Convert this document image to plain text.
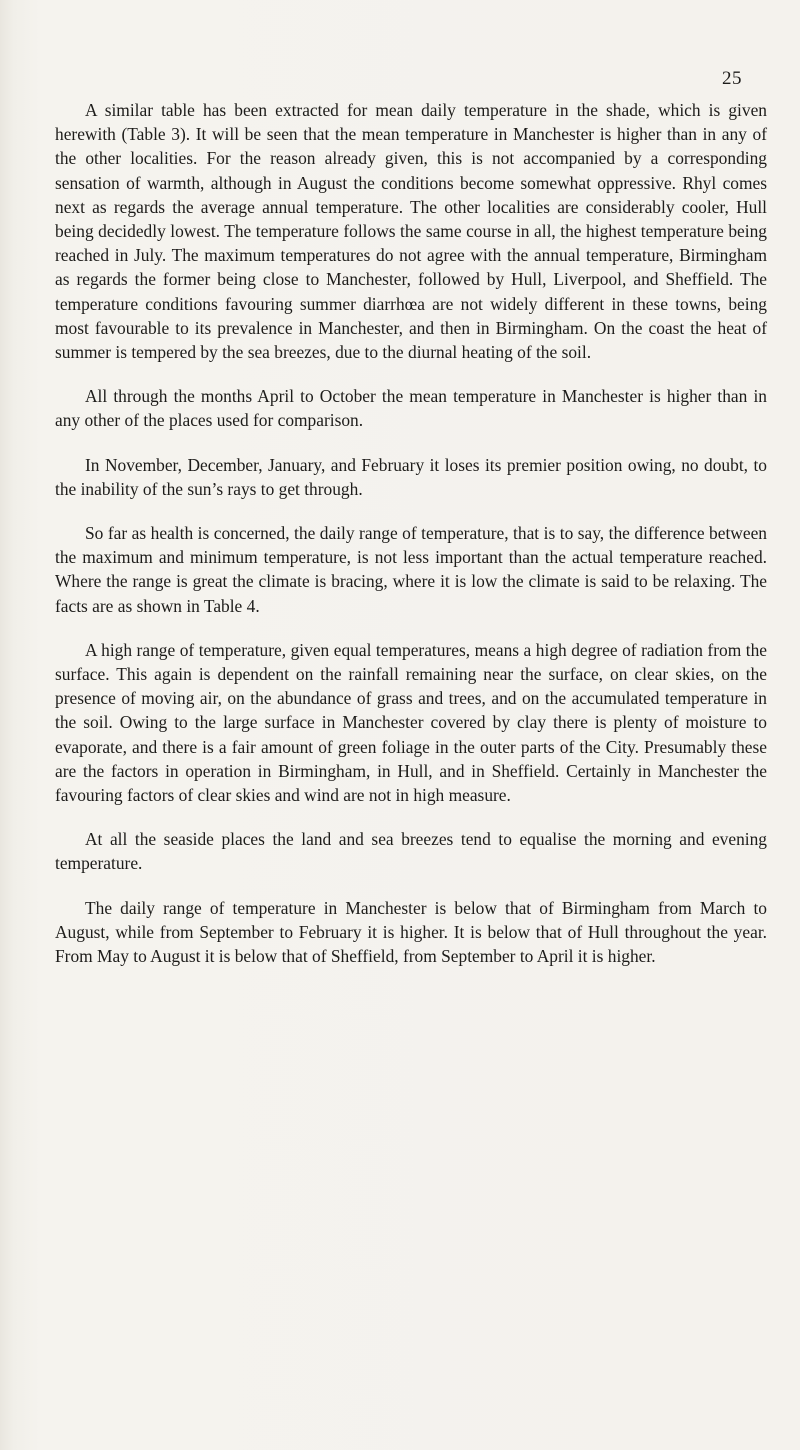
25

A similar table has been extracted for mean daily temperature in the shade, which is given herewith (Table 3). It will be seen that the mean temperature in Manchester is higher than in any of the other localities. For the reason already given, this is not accompanied by a corresponding sensation of warmth, although in August the conditions become somewhat oppressive. Rhyl comes next as regards the average annual temperature. The other localities are considerably cooler, Hull being decidedly lowest. The temperature follows the same course in all, the highest temperature being reached in July. The maximum temperatures do not agree with the annual temperature, Birmingham as regards the former being close to Manchester, followed by Hull, Liverpool, and Sheffield. The temperature conditions favouring summer diarrhœa are not widely different in these towns, being most favourable to its prevalence in Manchester, and then in Birmingham. On the coast the heat of summer is tempered by the sea breezes, due to the diurnal heating of the soil.

All through the months April to October the mean temperature in Manchester is higher than in any other of the places used for comparison.

In November, December, January, and February it loses its premier position owing, no doubt, to the inability of the sun’s rays to get through.

So far as health is concerned, the daily range of temperature, that is to say, the difference between the maximum and minimum temperature, is not less important than the actual temperature reached. Where the range is great the climate is bracing, where it is low the climate is said to be relaxing. The facts are as shown in Table 4.

A high range of temperature, given equal temperatures, means a high degree of radiation from the surface. This again is dependent on the rainfall remaining near the surface, on clear skies, on the presence of moving air, on the abundance of grass and trees, and on the accumulated temperature in the soil. Owing to the large surface in Manchester covered by clay there is plenty of moisture to evaporate, and there is a fair amount of green foliage in the outer parts of the City. Presumably these are the factors in operation in Birmingham, in Hull, and in Sheffield. Certainly in Manchester the favouring factors of clear skies and wind are not in high measure.

At all the seaside places the land and sea breezes tend to equalise the morning and evening temperature.

The daily range of temperature in Manchester is below that of Birmingham from March to August, while from September to February it is higher. It is below that of Hull throughout the year. From May to August it is below that of Sheffield, from September to April it is higher.
